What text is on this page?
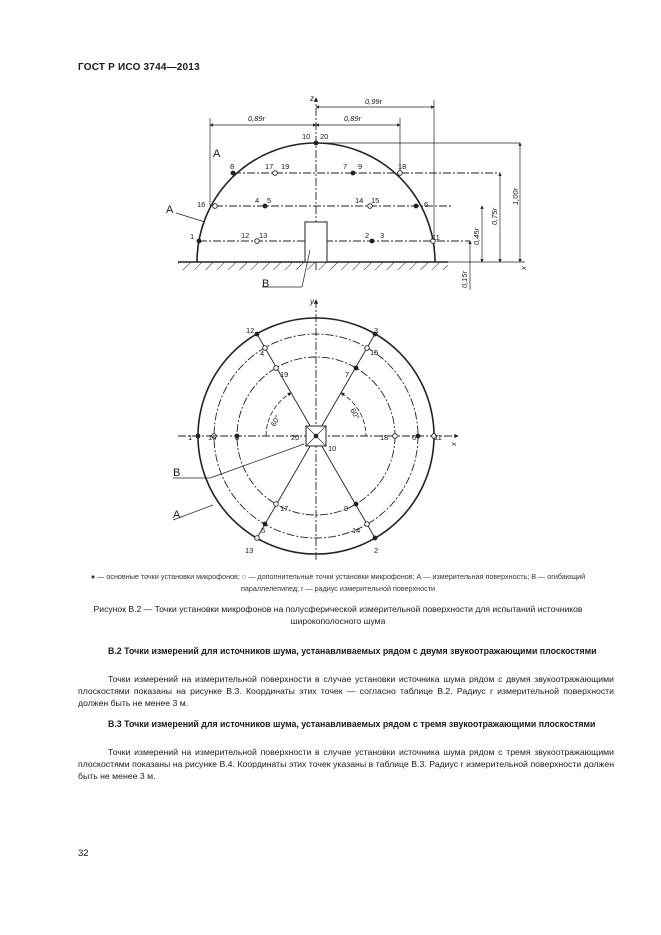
ГОСТ Р ИСО 3744—2013
z
0,89r	0,89r
0,99r
1,00r
0,75r
0,45r
0,15r
x
A
A
B
10 20
8	17 19	7 9	18
16	4 5	14 15	6
1	12 13	2 3	11
y
x
60°	60°
B
A
12	3
4	15
19	7
1 16 8	20
10
18	6 11
17	9
5	14
13	2
● — основные точки установки микрофонов; ○ — дополнительные точки установки микрофонов; А — измерительная поверхность; В — огибающий параллелепипед; r — радиус измерительной поверхности
Рисунок В.2 — Точки установки микрофонов на полусферической измерительной поверхности для испытаний источников широкополосного шума
В.2 Точки измерений для источников шума, устанавливаемых рядом с двумя звукоотражающими плоскостями
Точки измерений на измерительной поверхности в случае установки источника шума рядом с двумя звукоотражающими плоскостями показаны на рисунке В.3. Координаты этих точек — согласно таблице В.2. Радиус r измерительной поверхности должен быть не менее 3 м.
В.3 Точки измерений для источников шума, устанавливаемых рядом с тремя звукоотражающими плоскостями
Точки измерений на измерительной поверхности в случае установки источника шума рядом с тремя звукоотражающими плоскостями показаны на рисунке В.4. Координаты этих точек указаны в таблице В.3. Радиус r измерительной поверхности должен быть не менее 3 м.
32
